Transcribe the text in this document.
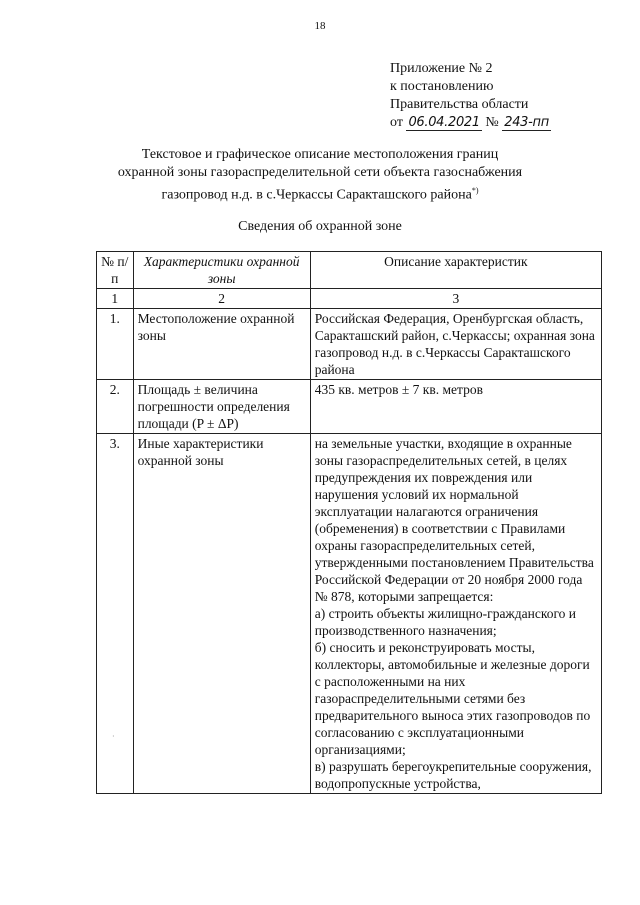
18
Приложение № 2
к постановлению
Правительства области
от 06.04.2021 № 243-пп
Текстовое и графическое описание местоположения границ
охранной зоны газораспределительной сети объекта газоснабжения
газопровод н.д. в с.Черкассы Саракташского района*)
Сведения об охранной зоне
№ п/п	Характеристики охранной зоны	Описание характеристик
1	2	3
1.	Местоположение охранной зоны	Российская Федерация, Оренбургская область, Саракташский район, с.Черкассы; охранная зона газопровод н.д. в с.Черкассы Саракташского района
2.	Площадь ± величина погрешности определения площади (P ± ΔP)	435 кв. метров ± 7 кв. метров
3.	Иные характеристики охранной зоны	на земельные участки, входящие в охранные зоны газораспределительных сетей, в целях предупреждения их повреждения или нарушения условий их нормальной эксплуатации налагаются ограничения (обременения) в соответствии с Правилами охраны газораспределительных сетей, утвержденными постановлением Правительства Российской Федерации от 20 ноября 2000 года № 878, которыми запрещается:
а) строить объекты жилищно-гражданского и производственного назначения;
б) сносить и реконструировать мосты, коллекторы, автомобильные и железные дороги с расположенными на них газораспределительными сетями без предварительного выноса этих газопроводов по согласованию с эксплуатационными организациями;
в) разрушать берегоукрепительные сооружения, водопропускные устройства,
·
